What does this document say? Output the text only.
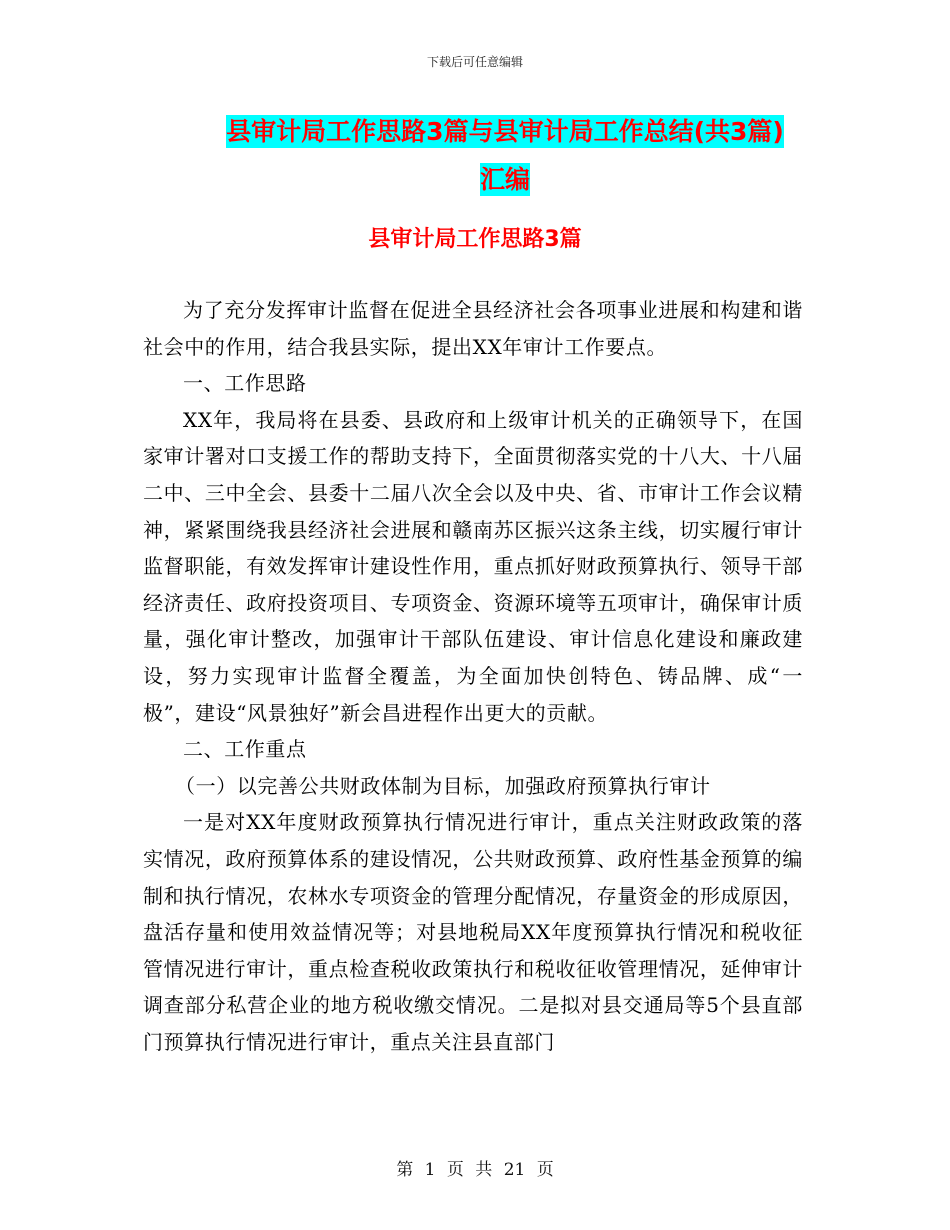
下载后可任意编辑
县审计局工作思路3篇与县审计局工作总结(共3篇)
汇编
县审计局工作思路3篇

为了充分发挥审计监督在促进全县经济社会各项事业进展和构建和谐社会中的作用，结合我县实际，提出XX年审计工作要点。

一、工作思路

XX年，我局将在县委、县政府和上级审计机关的正确领导下，在国家审计署对口支援工作的帮助支持下，全面贯彻落实党的十八大、十八届二中、三中全会、县委十二届八次全会以及中央、省、市审计工作会议精神，紧紧围绕我县经济社会进展和赣南苏区振兴这条主线，切实履行审计监督职能，有效发挥审计建设性作用，重点抓好财政预算执行、领导干部经济责任、政府投资项目、专项资金、资源环境等五项审计，确保审计质量，强化审计整改，加强审计干部队伍建设、审计信息化建设和廉政建设，努力实现审计监督全覆盖，为全面加快创特色、铸品牌、成“一极”，建设“风景独好”新会昌进程作出更大的贡献。

二、工作重点

（一）以完善公共财政体制为目标，加强政府预算执行审计

一是对XX年度财政预算执行情况进行审计，重点关注财政政策的落实情况，政府预算体系的建设情况，公共财政预算、政府性基金预算的编制和执行情况，农林水专项资金的管理分配情况，存量资金的形成原因，盘活存量和使用效益情况等；对县地税局XX年度预算执行情况和税收征管情况进行审计，重点检查税收政策执行和税收征收管理情况，延伸审计调查部分私营企业的地方税收缴交情况。二是拟对县交通局等5个县直部门预算执行情况进行审计，重点关注县直部门

第 1 页 共 21 页
